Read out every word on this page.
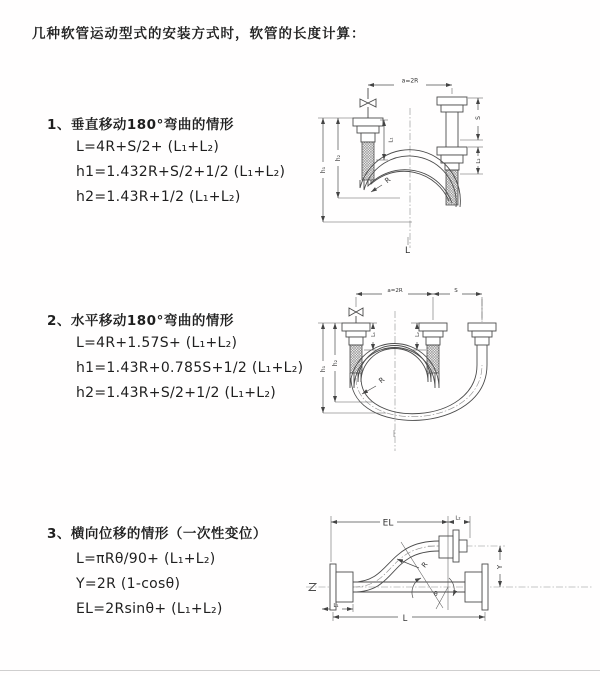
几种软管运动型式的安装方式时，软管的长度计算：
1、垂直移动180°弯曲的情形
L=4R+S/2+ (L₁+L₂)
h1=1.432R+S/2+1/2 (L₁+L₂)
h2=1.43R+1/2 (L₁+L₂)
a=2R
h₁
h₂
L₁
S
L₂
R
L
2、水平移动180°弯曲的情形
L=4R+1.57S+ (L₁+L₂)
h1=1.43R+0.785S+1/2 (L₁+L₂)
h2=1.43R+S/2+1/2 (L₁+L₂)
a=2R	S
L₁	L₂
h₁
h₂
R
3、横向位移的情形（一次性变位）
L=πRθ/90+ (L₁+L₂)
Y=2R (1-cosθ)
EL=2Rsinθ+ (L₁+L₂)
θ
EL	L₂
Y
R
L₁
L
